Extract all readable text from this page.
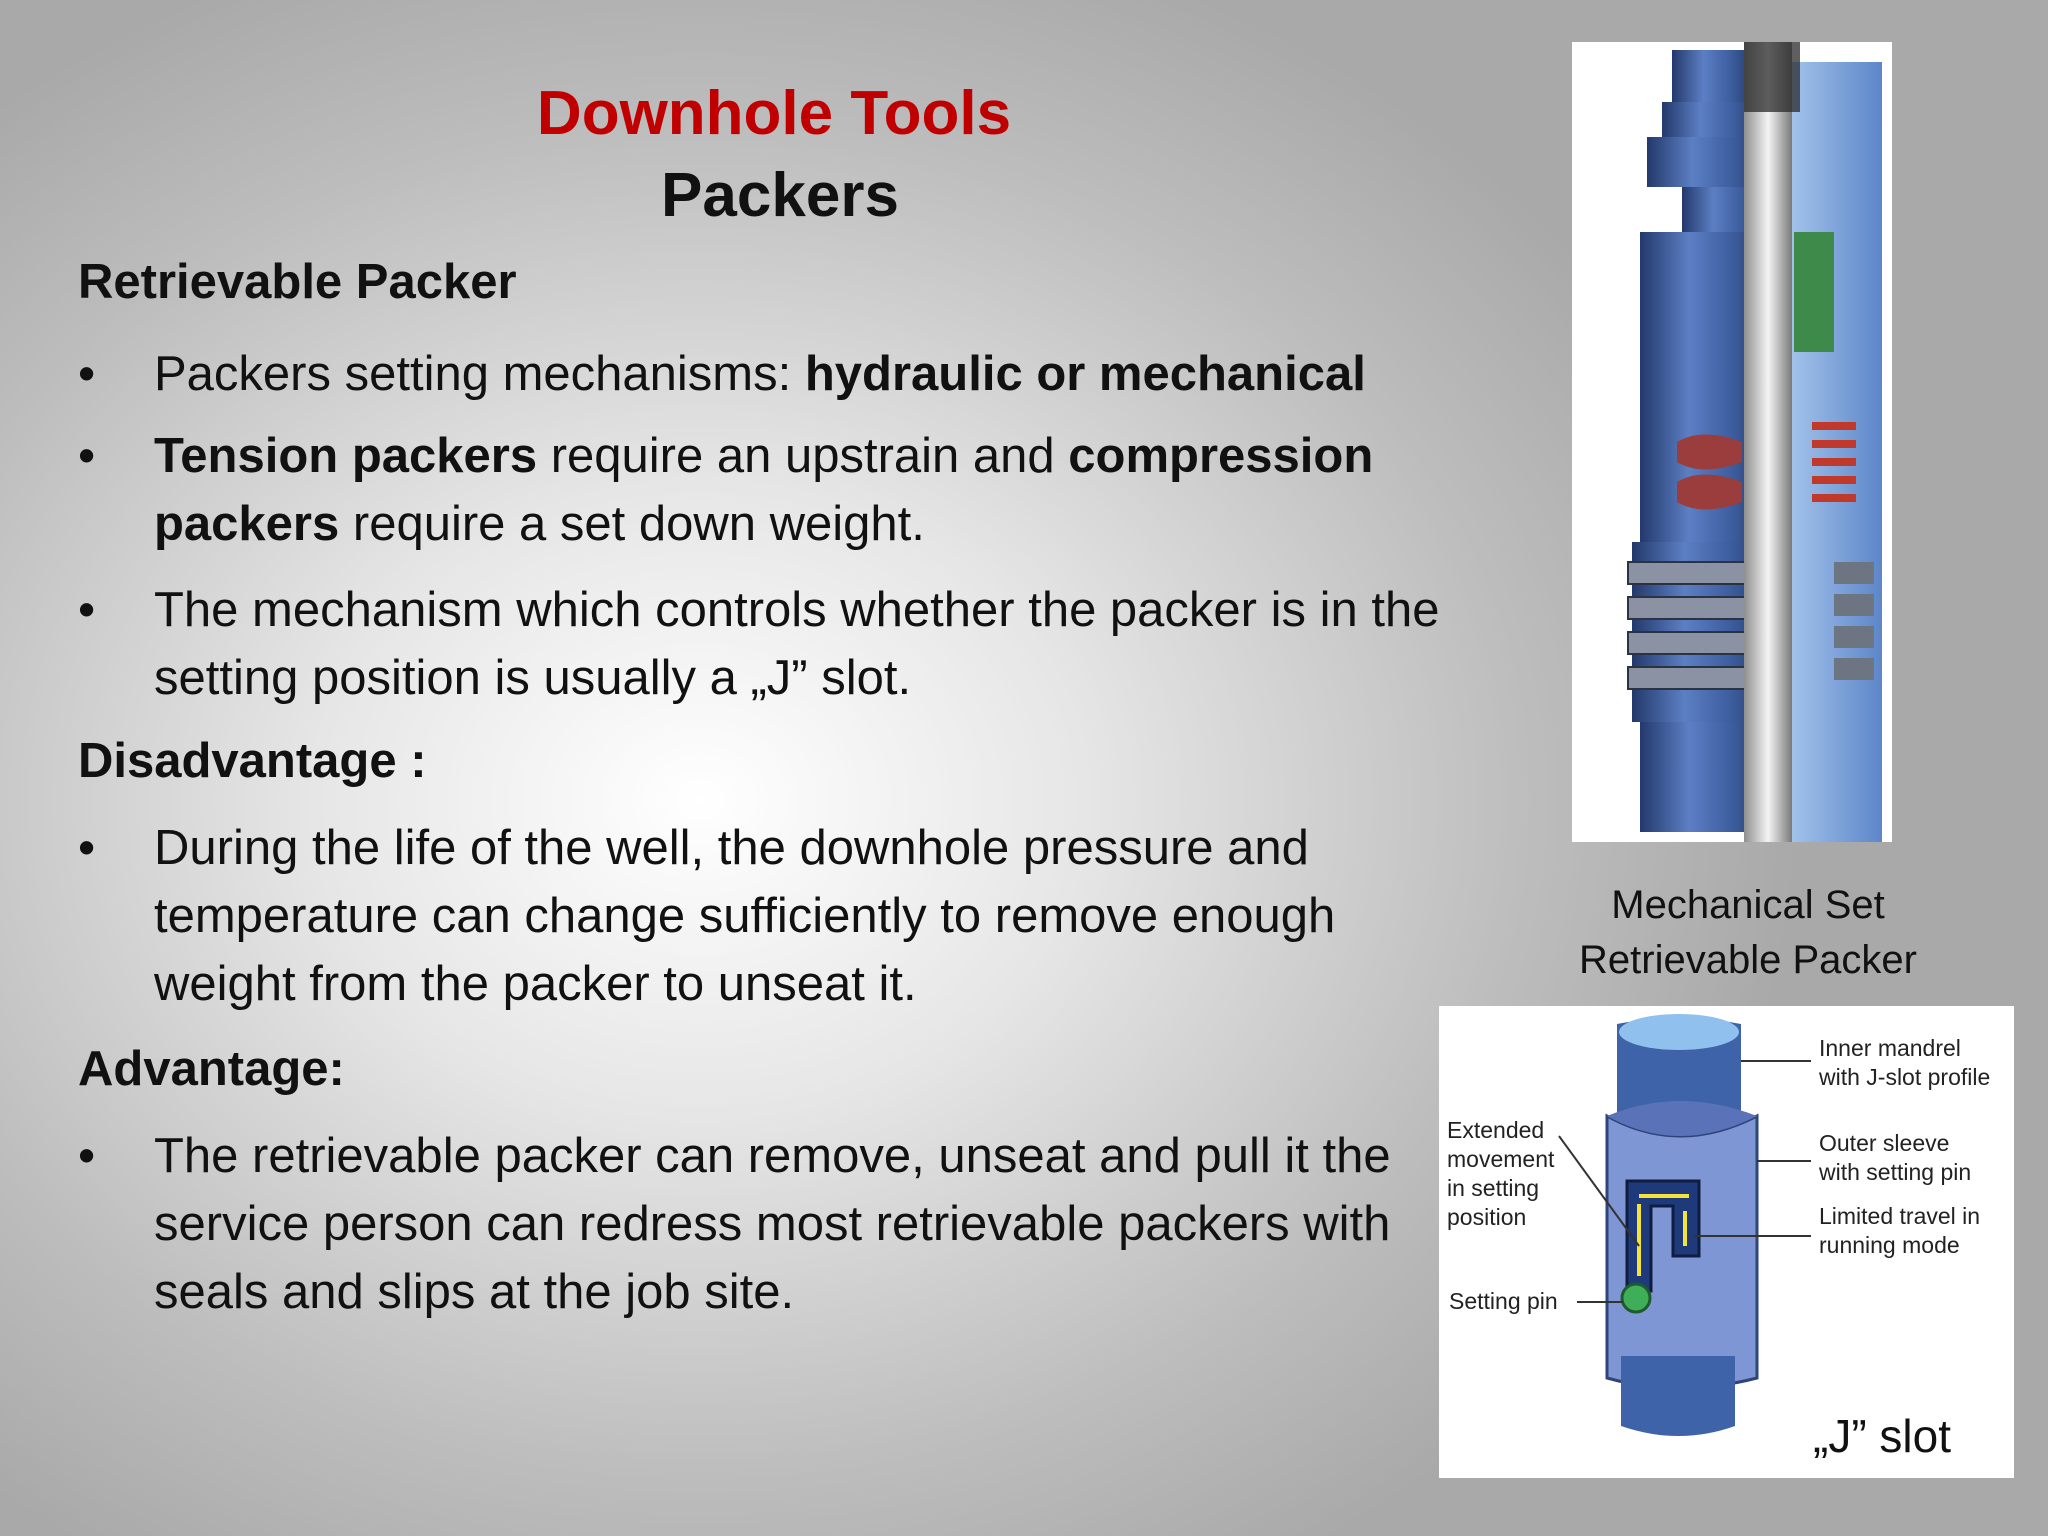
Downhole Tools
Packers
Retrievable Packer
• Packers setting mechanisms: hydraulic or mechanical
• Tension packers require an upstrain and compression packers require a set down weight.
• The mechanism which controls whether the packer is in the setting position is usually a „J” slot.
Disadvantage :
• During the life of the well, the downhole pressure and temperature can change sufficiently to remove enough weight from the packer to unseat it.
Advantage:
• The retrievable packer can remove, unseat and pull it the service person can redress most retrievable packers with seals and slips at the job site.
Mechanical Set
Retrievable Packer
Inner mandrel
with J-slot profile
Outer sleeve
with setting pin
Limited travel in
running mode
Extended
movement
in setting
position
Setting pin
„J” slot
